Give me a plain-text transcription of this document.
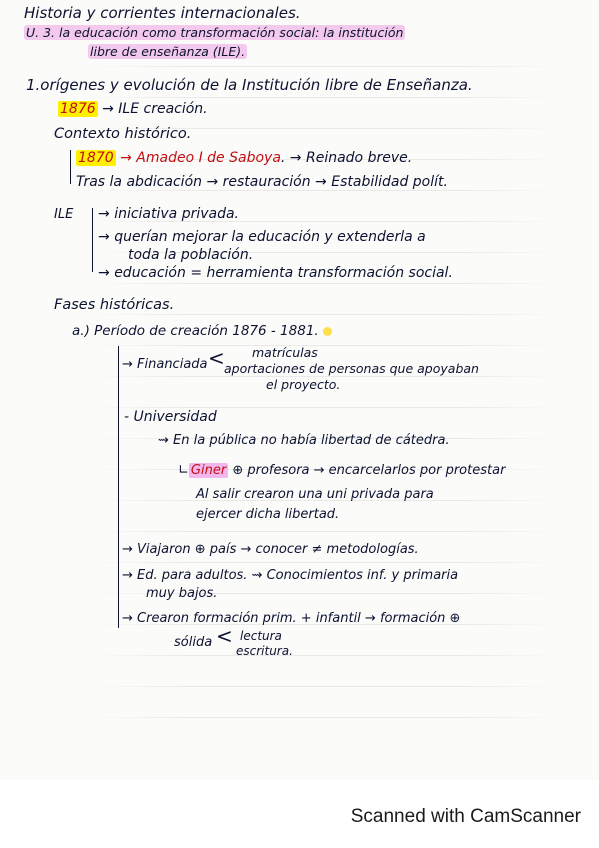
Historia y corrientes internacionales.
U. 3. la educación como transformación social: la institución
libre de enseñanza (ILE).
1.orígenes y evolución de la Institución libre de Enseñanza.
1876 → ILE creación.
Contexto histórico.
1870 → Amadeo I de Saboya. → Reinado breve.
Tras la abdicación → restauración → Estabilidad polít.
ILE → iniciativa privada.
→ querían mejorar la educación y extenderla a
toda la población.
→ educación = herramienta transformación social.
Fases históricas.
a.) Período de creación 1876 - 1881.
→ Financiada < matrículas
aportaciones de personas que apoyaban
el proyecto.
- Universidad
⇝ En la pública no había libertad de cátedra.
∟ Giner ⊕ profesora → encarcelarlos por protestar
Al salir crearon una uni privada para
ejercer dicha libertad.
→ Viajaron ⊕ país → conocer ≠ metodologías.
→ Ed. para adultos. ⇝ Conocimientos inf. y primaria
muy bajos.
→ Crearon formación prim. + infantil → formación ⊕
sólida < lectura
escritura.
Scanned with CamScanner
